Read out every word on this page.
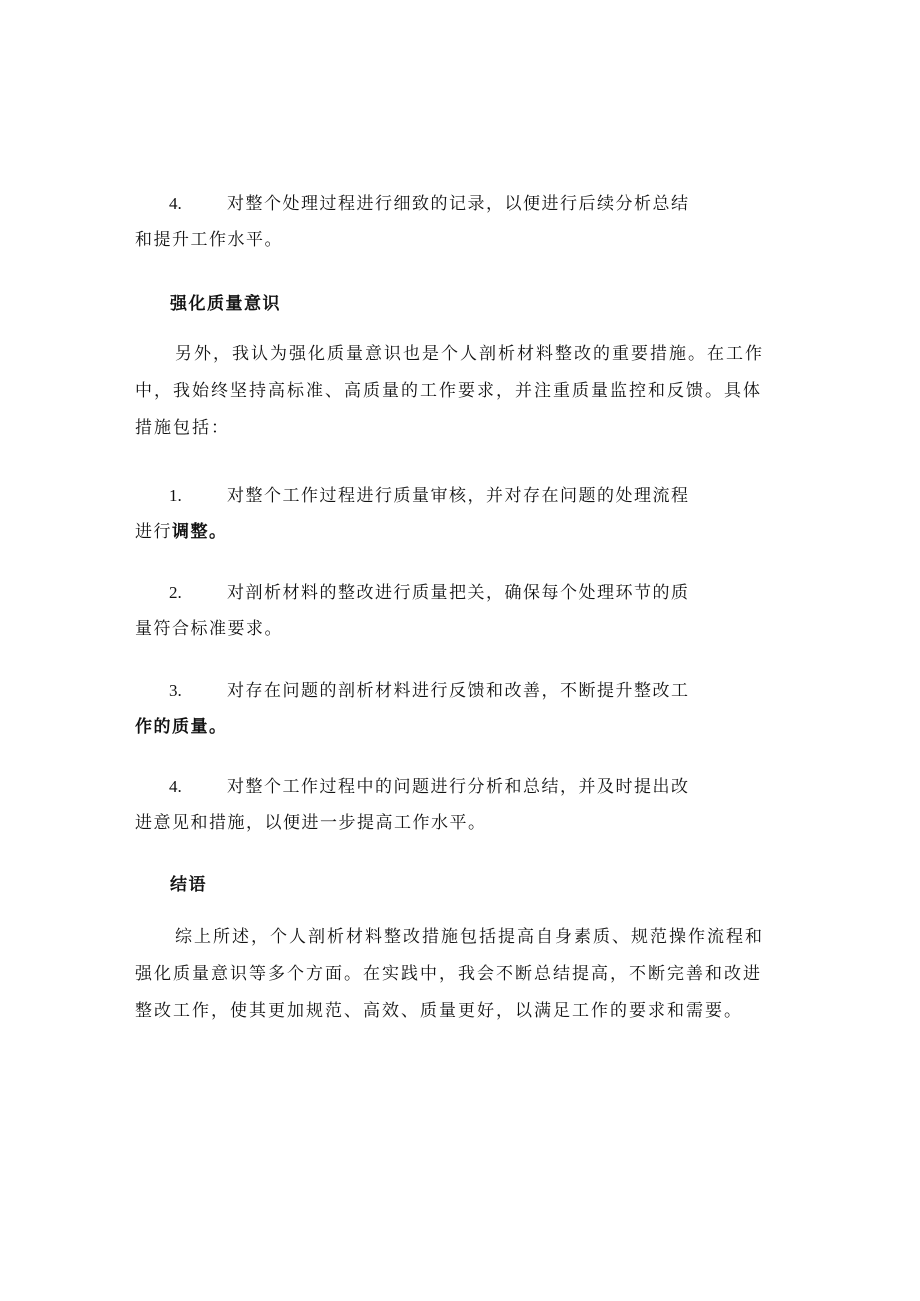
4.	对整个处理过程进行细致的记录，以便进行后续分析总结
和提升工作水平。
强化质量意识
另外，我认为强化质量意识也是个人剖析材料整改的重要措施。在工作中，我始终坚持高标准、高质量的工作要求，并注重质量监控和反馈。具体措施包括：
1.	对整个工作过程进行质量审核，并对存在问题的处理流程
进行调整。
2.	对剖析材料的整改进行质量把关，确保每个处理环节的质
量符合标准要求。
3.	对存在问题的剖析材料进行反馈和改善，不断提升整改工
作的质量。
4.	对整个工作过程中的问题进行分析和总结，并及时提出改
进意见和措施，以便进一步提高工作水平。
结语
综上所述，个人剖析材料整改措施包括提高自身素质、规范操作流程和强化质量意识等多个方面。在实践中，我会不断总结提高，不断完善和改进整改工作，使其更加规范、高效、质量更好，以满足工作的要求和需要。
